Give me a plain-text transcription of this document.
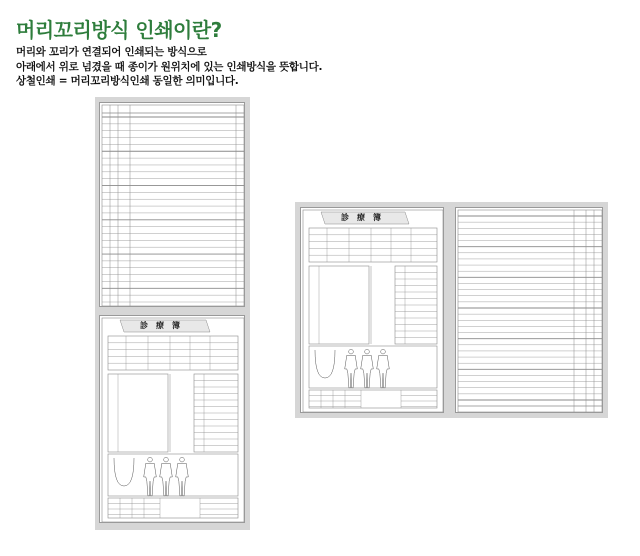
머리꼬리방식 인쇄이란?
머리와 꼬리가 연결되어 인쇄되는 방식으로
아래에서 위로 넘겼을 때 종이가 원위치에 있는 인쇄방식을 뜻합니다.
상철인쇄 = 머리꼬리방식인쇄 동일한 의미입니다.
診　療　簿
診　療　簿
